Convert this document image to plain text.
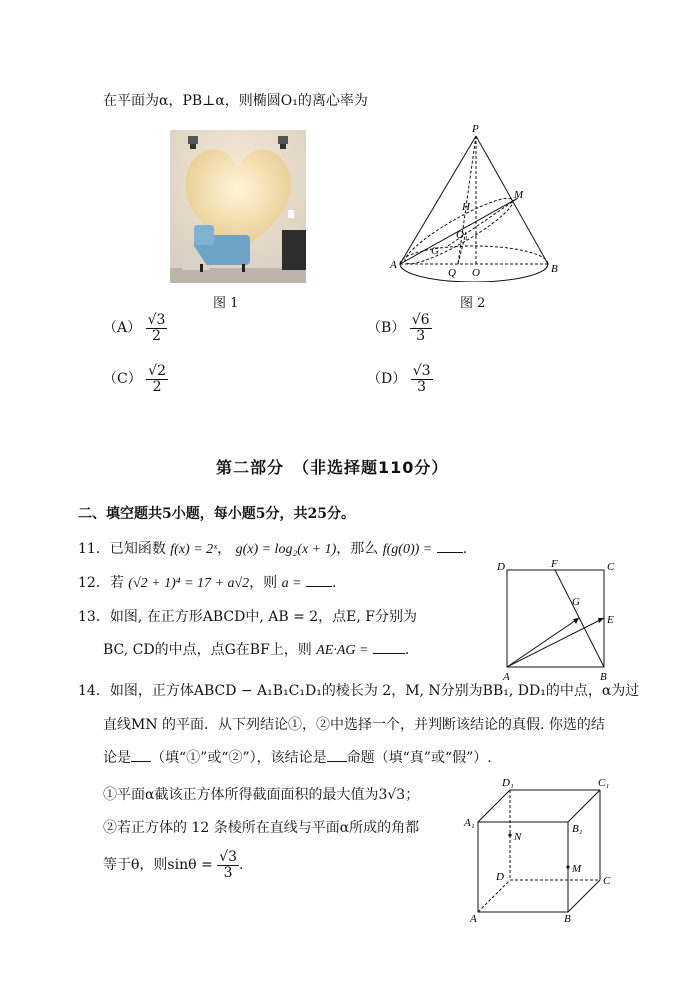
在平面为α，PB⊥α，则椭圆O₁的离心率为
图 1
P
M
H
O₁
G
A
Q O	B
图 2
$(A) \frac{√3}{2}$	$(B) \frac{√6}{3}$
$(C) \frac{√2}{2}$	$(D) \frac{√3}{3}$
第二部分　（非选择题110分）
二、填空题共5小题，每小题5分，共25分。
11．已知函数 f(x) = 2ˣ， g(x) = log₂(x + 1)，那么 f(g(0)) = .
12．若 (√2 + 1)⁴ = 17 + a√2，则 a = .
13．如图, 在正方形ABCD中, AB = 2，点E, F分别为
BC, CD的中点，点G在BF上，则 AE·AG =	.
D	F	C
G
E
A	B
14．如图，正方体ABCD − A₁B₁C₁D₁的棱长为 2，M, N分别为BB₁, DD₁的中点，α为过
直线MN 的平面．从下列结论①，②中选择一个，并判断该结论的真假. 你选的结
论是 （填“①”或“②”），该结论是 命题（填“真”或“假”）.
①平面α截该正方体所得截面面积的最大值为3√3；
②若正方体的 12 条棱所在直线与平面α所成的角都
等于θ，则$\sin\theta = \frac{√3}{3}$ .
D₁	C₁
A₁	B₁
N
M
D	C
A	B
